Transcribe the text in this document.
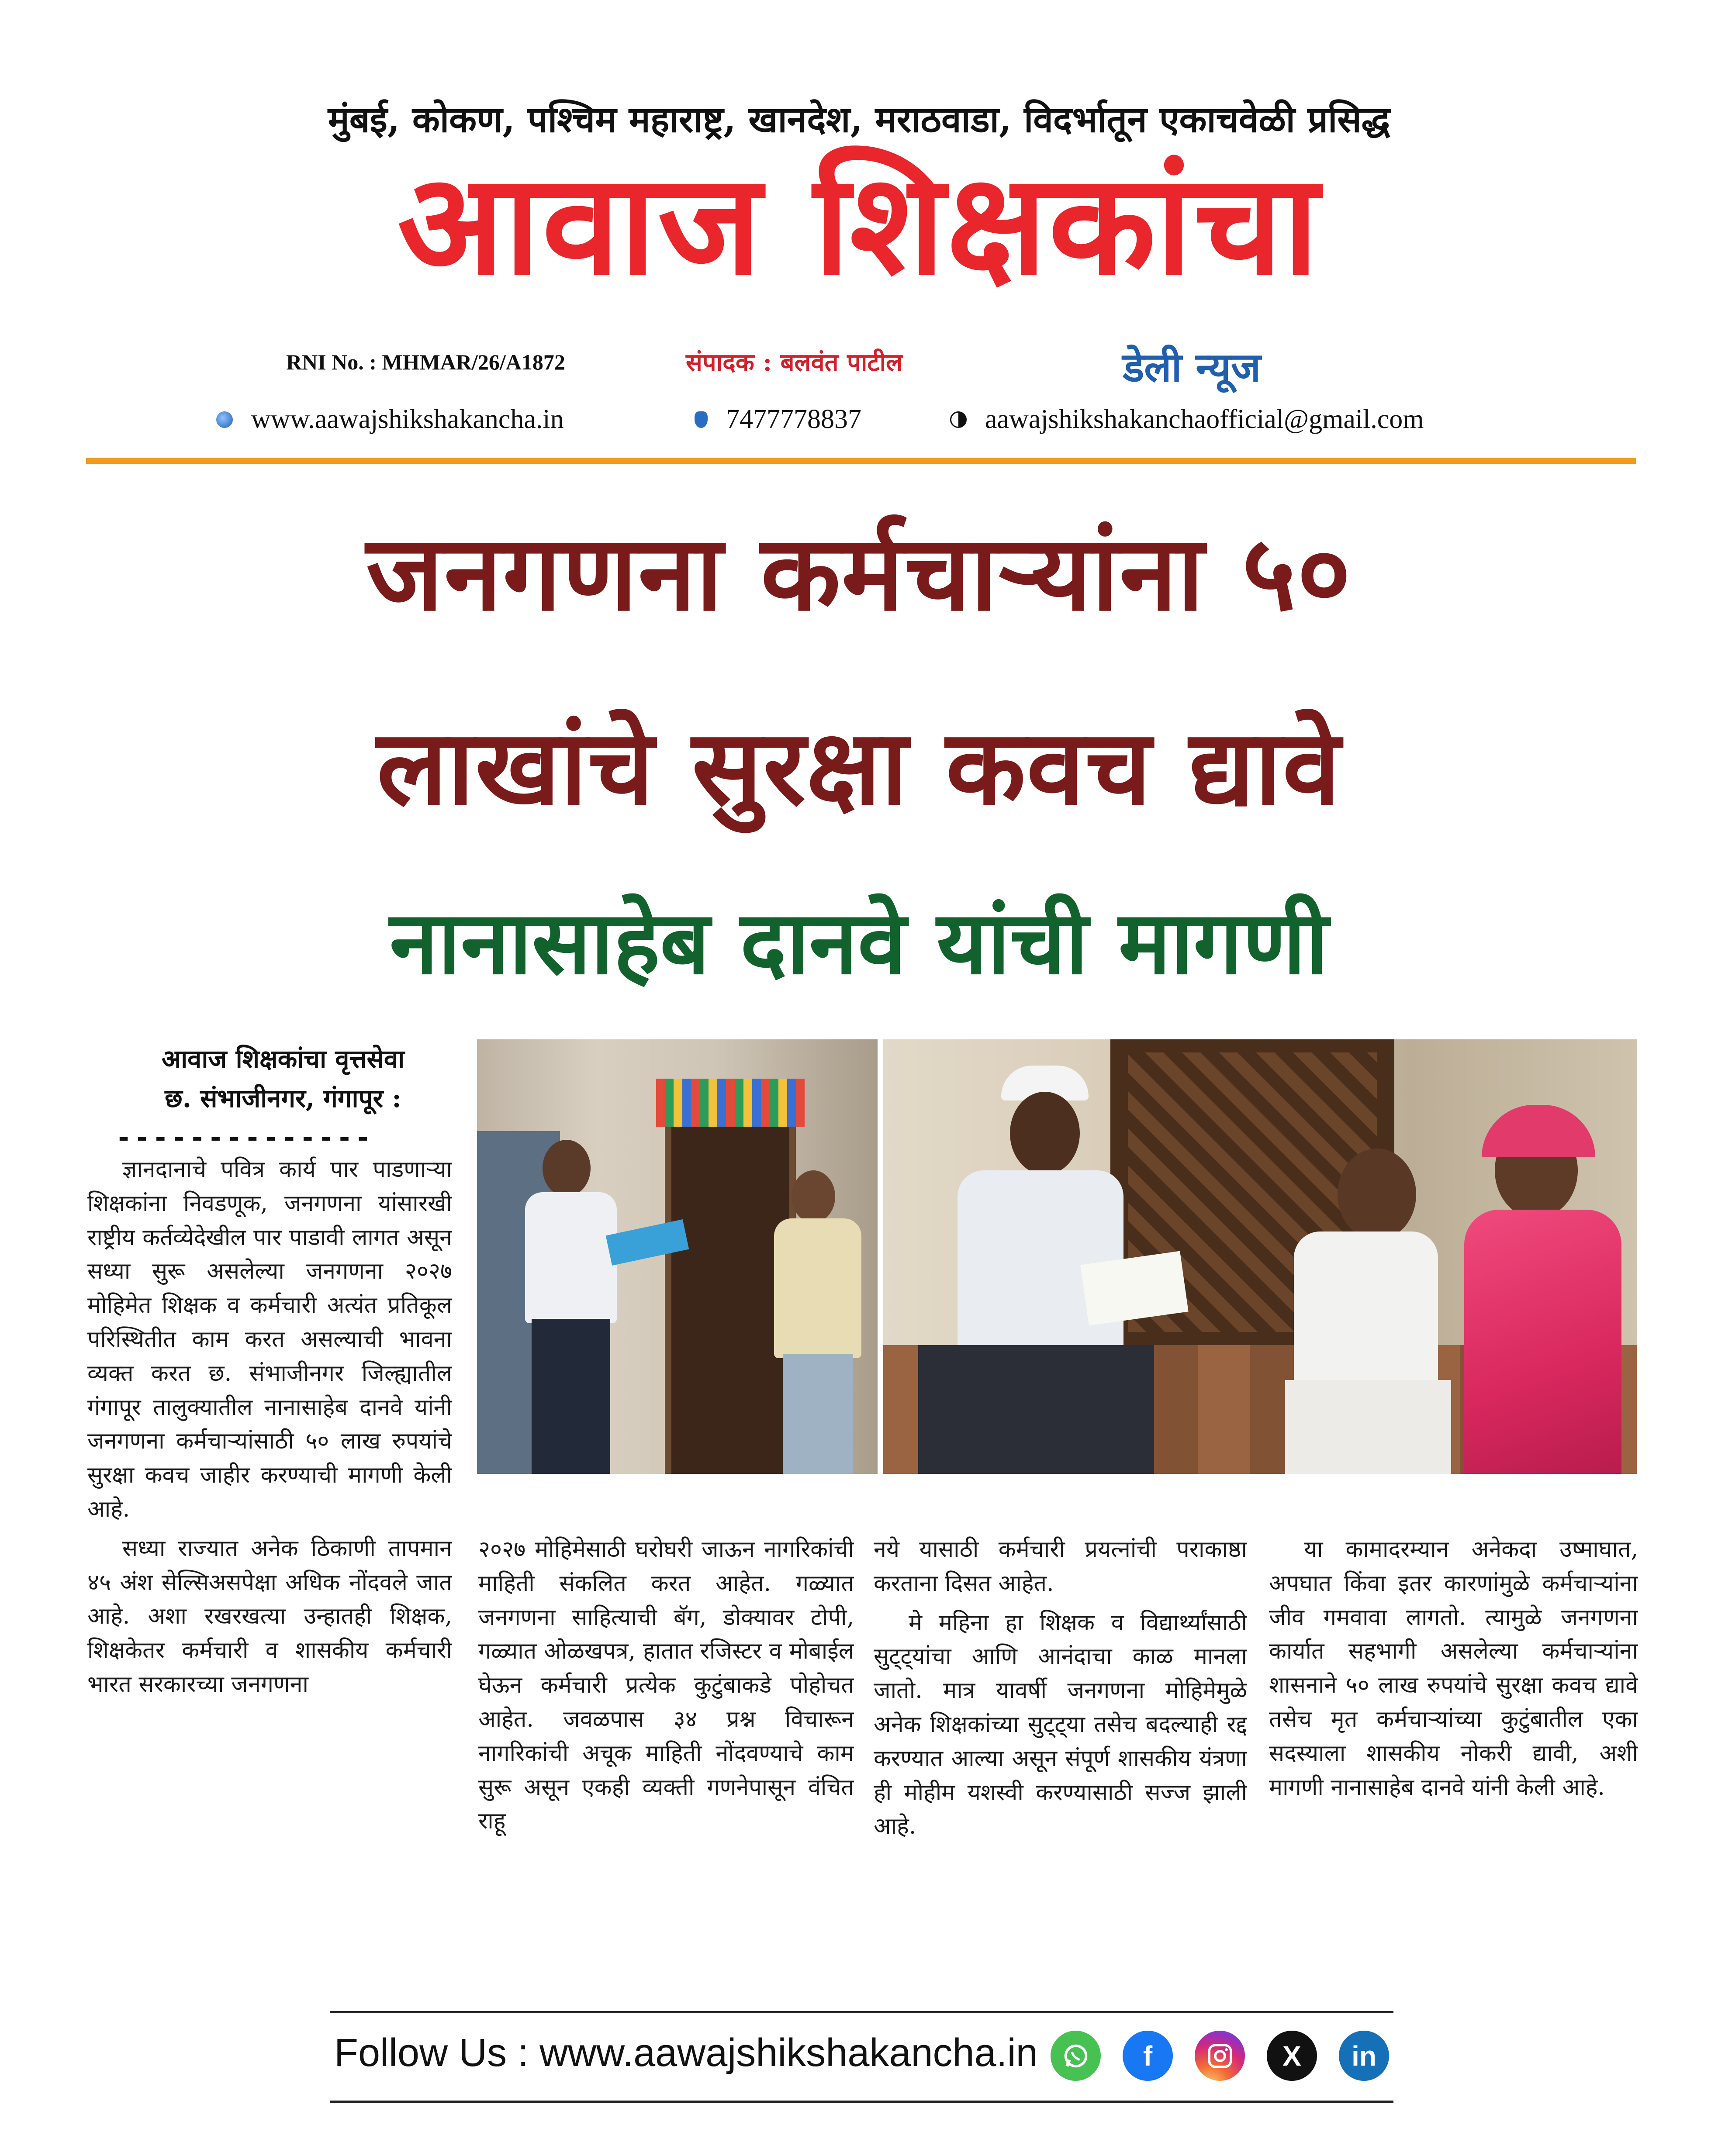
मुंबई, कोकण, पश्चिम महाराष्ट्र, खानदेश, मराठवाडा, विदर्भातून एकाचवेळी प्रसिद्ध
आवाज शिक्षकांचा
RNI No. : MHMAR/26/A1872	संपादक : बलवंत पाटील	डेली न्यूज
www.aawajshikshakancha.in	7477778837	aawajshikshakanchaofficial@gmail.com
जनगणना कर्मचाऱ्यांना ५०
लाखांचे सुरक्षा कवच द्यावे
नानासाहेब दानवे यांची मागणी
आवाज शिक्षकांचा वृत्तसेवा
छ. संभाजीनगर, गंगापूर :
--------------

ज्ञानदानाचे पवित्र कार्य पार पाडणाऱ्या शिक्षकांना निवडणूक, जनगणना यांसारखी राष्ट्रीय कर्तव्येदेखील पार पाडावी लागत असून सध्या सुरू असलेल्या जनगणना २०२७ मोहिमेत शिक्षक व कर्मचारी अत्यंत प्रतिकूल परिस्थितीत काम करत असल्याची भावना व्यक्त करत छ. संभाजीनगर जिल्ह्यातील गंगापूर तालुक्यातील नानासाहेब दानवे यांनी जनगणना कर्मचाऱ्यांसाठी ५० लाख रुपयांचे सुरक्षा कवच जाहीर करण्याची मागणी केली आहे.

सध्या राज्यात अनेक ठिकाणी तापमान ४५ अंश सेल्सिअसपेक्षा अधिक नोंदवले जात आहे. अशा रखरखत्या उन्हातही शिक्षक, शिक्षकेतर कर्मचारी व शासकीय कर्मचारी भारत सरकारच्या जनगणना

२०२७ मोहिमेसाठी घरोघरी जाऊन नागरिकांची माहिती संकलित करत आहेत. गळ्यात जनगणना साहित्याची बॅग, डोक्यावर टोपी, गळ्यात ओळखपत्र, हातात रजिस्टर व मोबाईल घेऊन कर्मचारी प्रत्येक कुटुंबाकडे पोहोचत आहेत. जवळपास ३४ प्रश्न विचारून नागरिकांची अचूक माहिती नोंदवण्याचे काम सुरू असून एकही व्यक्ती गणनेपासून वंचित राहू

नये यासाठी कर्मचारी प्रयत्नांची पराकाष्ठा करताना दिसत आहेत.

मे महिना हा शिक्षक व विद्यार्थ्यांसाठी सुट्ट्यांचा आणि आनंदाचा काळ मानला जातो. मात्र यावर्षी जनगणना मोहिमेमुळे अनेक शिक्षकांच्या सुट्ट्या तसेच बदल्याही रद्द करण्यात आल्या असून संपूर्ण शासकीय यंत्रणा ही मोहीम यशस्वी करण्यासाठी सज्ज झाली आहे.

या कामादरम्यान अनेकदा उष्माघात, अपघात किंवा इतर कारणांमुळे कर्मचाऱ्यांना जीव गमवावा लागतो. त्यामुळे जनगणना कार्यात सहभागी असलेल्या कर्मचाऱ्यांना शासनाने ५० लाख रुपयांचे सुरक्षा कवच द्यावे तसेच मृत कर्मचाऱ्यांच्या कुटुंबातील एका सदस्याला शासकीय नोकरी द्यावी, अशी मागणी नानासाहेब दानवे यांनी केली आहे.

Follow Us : www.aawajshikshakancha.in	f	X	in
